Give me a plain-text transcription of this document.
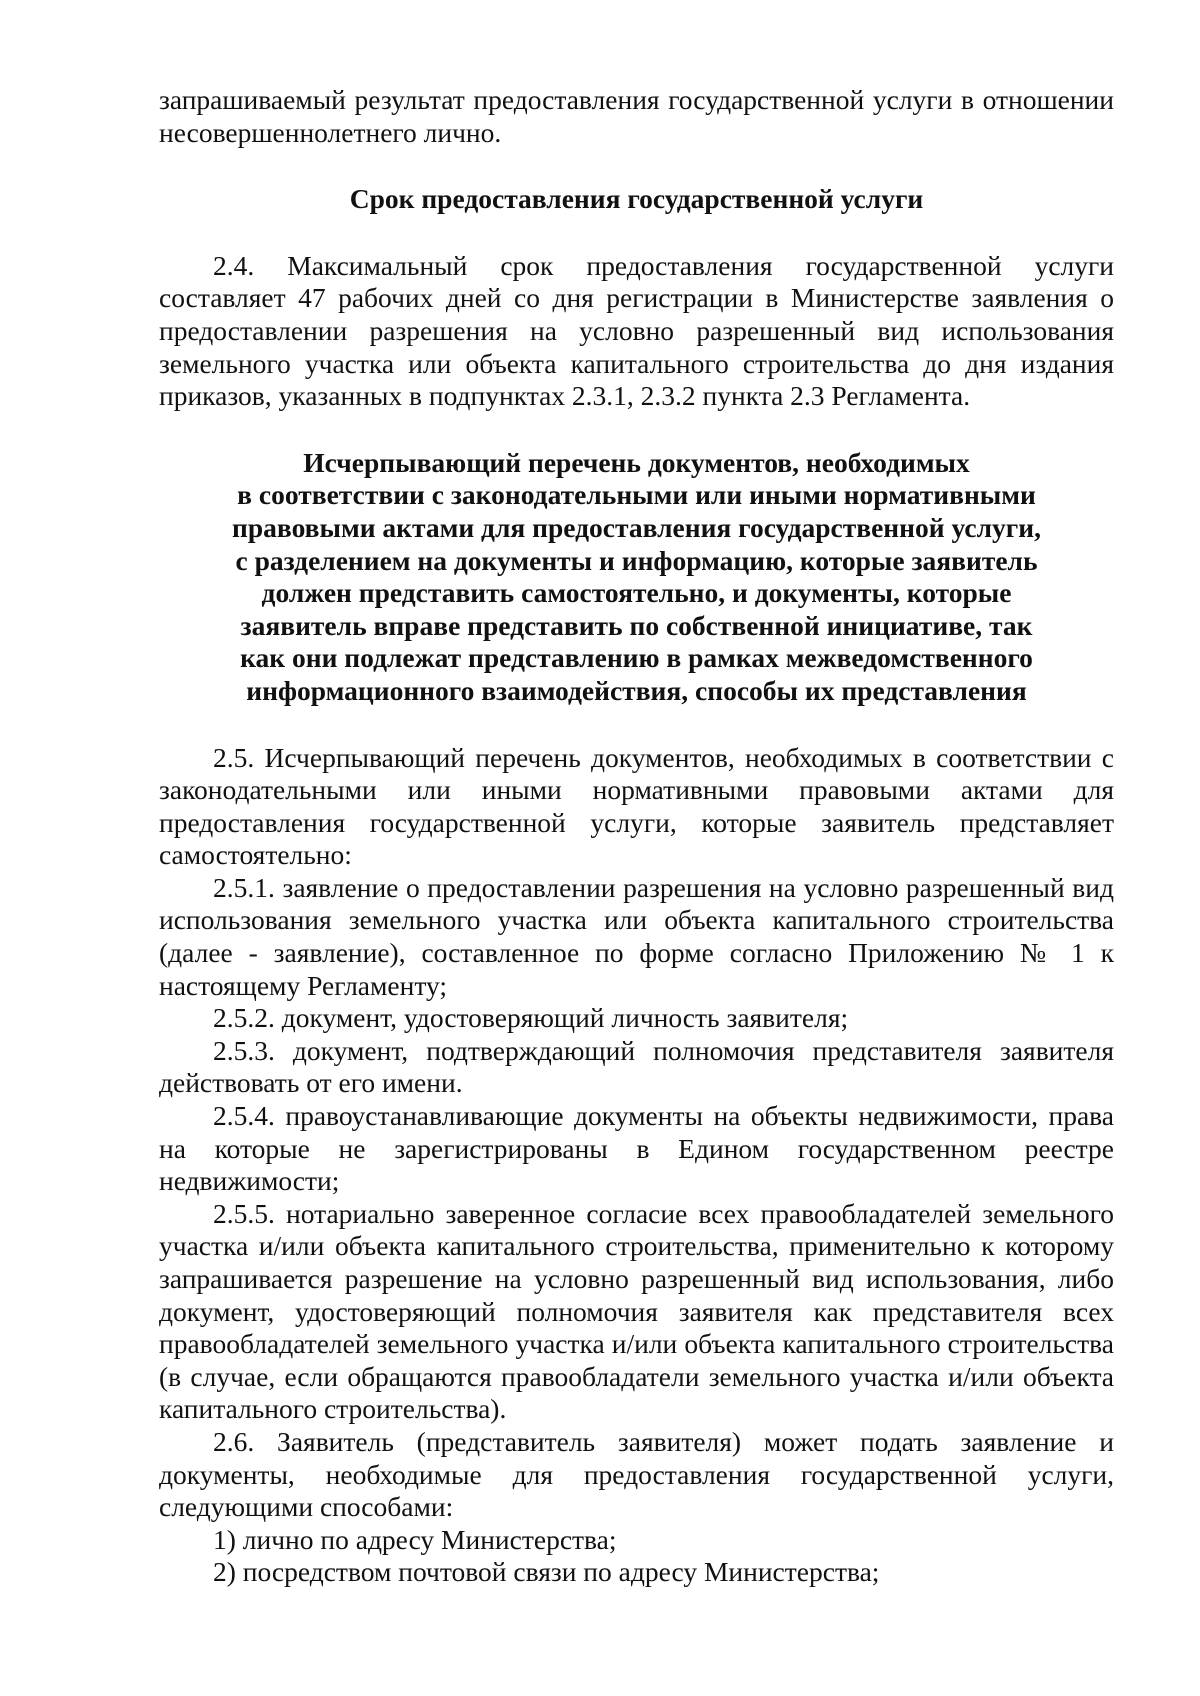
запрашиваемый результат предоставления государственной услуги в отношении несовершеннолетнего лично.

Срок предоставления государственной услуги

2.4. Максимальный срок предоставления государственной услуги составляет 47 рабочих дней со дня регистрации в Министерстве заявления о предоставлении разрешения на условно разрешенный вид использования земельного участка или объекта капитального строительства до дня издания приказов, указанных в подпунктах 2.3.1, 2.3.2 пункта 2.3 Регламента.

Исчерпывающий перечень документов, необходимых
в соответствии с законодательными или иными нормативными
правовыми актами для предоставления государственной услуги,
с разделением на документы и информацию, которые заявитель
должен представить самостоятельно, и документы, которые
заявитель вправе представить по собственной инициативе, так
как они подлежат представлению в рамках межведомственного
информационного взаимодействия, способы их представления

2.5. Исчерпывающий перечень документов, необходимых в соответствии с законодательными или иными нормативными правовыми актами для предоставления государственной услуги, которые заявитель представляет самостоятельно:

2.5.1. заявление о предоставлении разрешения на условно разрешенный вид использования земельного участка или объекта капитального строительства (далее - заявление), составленное по форме согласно Приложению № 1 к настоящему Регламенту;

2.5.2. документ, удостоверяющий личность заявителя;

2.5.3. документ, подтверждающий полномочия представителя заявителя действовать от его имени.

2.5.4. правоустанавливающие документы на объекты недвижимости, права на которые не зарегистрированы в Едином государственном реестре недвижимости;

2.5.5. нотариально заверенное согласие всех правообладателей земельного участка и/или объекта капитального строительства, применительно к которому запрашивается разрешение на условно разрешенный вид использования, либо документ, удостоверяющий полномочия заявителя как представителя всех правообладателей земельного участка и/или объекта капитального строительства (в случае, если обращаются правообладатели земельного участка и/или объекта капитального строительства).

2.6. Заявитель (представитель заявителя) может подать заявление и документы, необходимые для предоставления государственной услуги, следующими способами:

1) лично по адресу Министерства;

2) посредством почтовой связи по адресу Министерства;
